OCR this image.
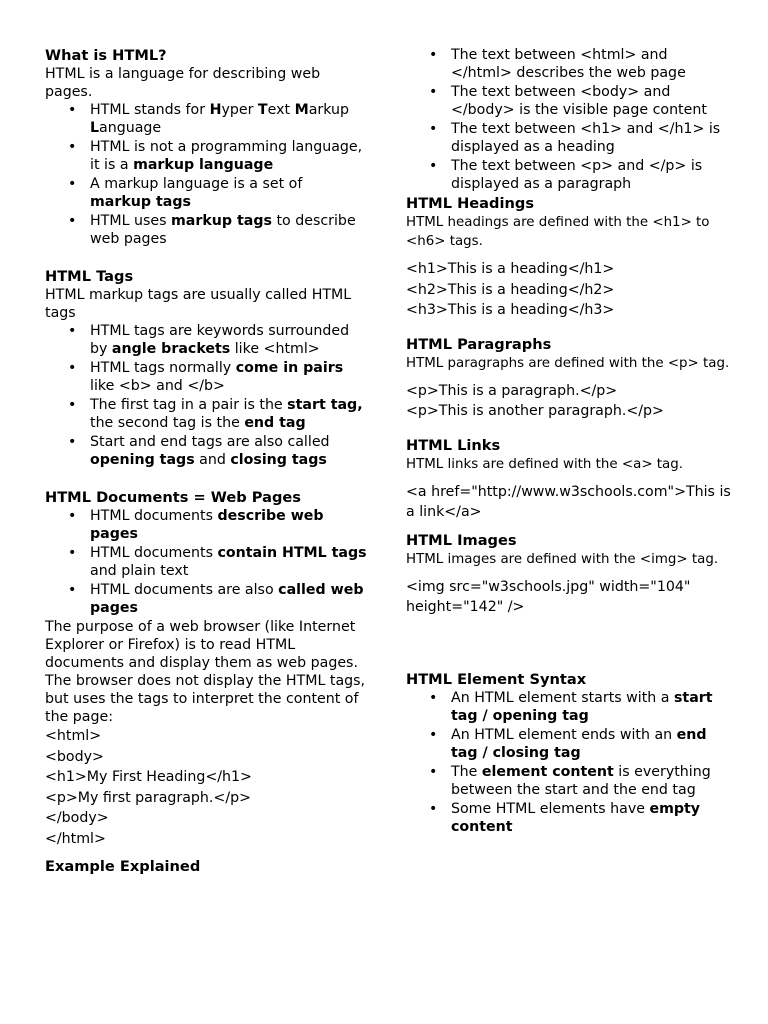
What is HTML?

HTML is a language for describing web pages.

• HTML stands for Hyper Text Markup Language
• HTML is not a programming language, it is a markup language
• A markup language is a set of markup tags
• HTML uses markup tags to describe web pages
HTML Tags

HTML markup tags are usually called HTML tags

• HTML tags are keywords surrounded by angle brackets like <html>
• HTML tags normally come in pairs like <b> and </b>
• The first tag in a pair is the start tag, the second tag is the end tag
• Start and end tags are also called opening tags and closing tags
HTML Documents = Web Pages
• HTML documents describe web pages
• HTML documents contain HTML tags and plain text
• HTML documents are also called web pages

The purpose of a web browser (like Internet Explorer or Firefox) is to read HTML documents and display them as web pages. The browser does not display the HTML tags, but uses the tags to interpret the content of the page:

<html>
<body>
<h1>My First Heading</h1>
<p>My first paragraph.</p>
</body>
</html>
Example Explained
• The text between <html> and </html> describes the web page
• The text between <body> and </body> is the visible page content
• The text between <h1> and </h1> is displayed as a heading
• The text between <p> and </p> is displayed as a paragraph
HTML Headings

HTML headings are defined with the <h1> to <h6> tags.

<h1>This is a heading</h1>
<h2>This is a heading</h2>
<h3>This is a heading</h3>
HTML Paragraphs

HTML paragraphs are defined with the <p> tag.

<p>This is a paragraph.</p>
<p>This is another paragraph.</p>
HTML Links

HTML links are defined with the <a> tag.

<a href="http://www.w3schools.com">This is a link</a>
HTML Images

HTML images are defined with the <img> tag.

<img src="w3schools.jpg" width="104" height="142" />
HTML Element Syntax
• An HTML element starts with a start tag / opening tag
• An HTML element ends with an end tag / closing tag
• The element content is everything between the start and the end tag
• Some HTML elements have empty content
